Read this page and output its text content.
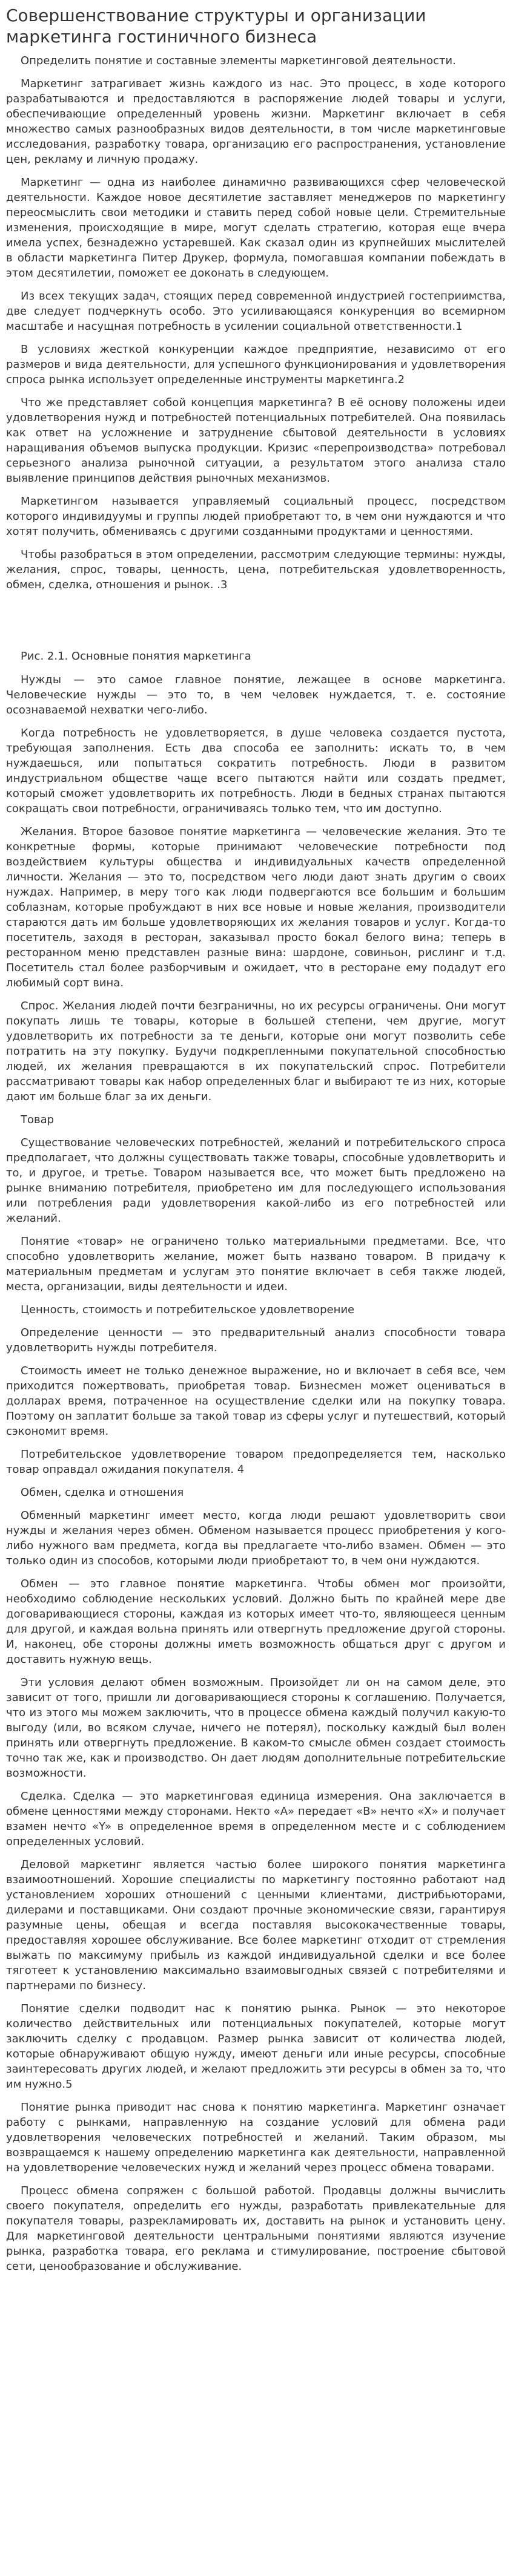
Совершенствование структуры и организации маркетинга гостиничного бизнеса

Определить понятие и составные элементы маркетинговой деятельности.

Маркетинг затрагивает жизнь каждого из нас. Это процесс, в ходе которого разрабатываются и предоставляются в распоряжение людей товары и услуги, обеспечивающие определенный уровень жизни. Маркетинг включает в себя множество самых разнообразных видов деятельности, в том числе маркетинговые исследования, разработку товара, организацию его распространения, установление цен, рекламу и личную продажу.

Маркетинг — одна из наиболее динамично развивающихся сфер человеческой деятельности. Каждое новое десятилетие заставляет менеджеров по маркетингу переосмыслить свои методики и ставить перед собой новые цели. Стремительные изменения, происходящие в мире, могут сделать стратегию, которая еще вчера имела успех, безнадежно устаревшей. Как сказал один из крупнейших мыслителей в области маркетинга Питер Друкер, формула, помогавшая компании побеждать в этом десятилетии, поможет ее доконать в следующем.

Из всех текущих задач, стоящих перед современной индустрией гостеприимства, две следует подчеркнуть особо. Это усиливающаяся конкуренция во всемирном масштабе и насущная потребность в усилении социальной ответственности.1

В условиях жесткой конкуренции каждое предприятие, независимо от его размеров и вида деятельности, для успешного функционирования и удовлетворения спроса рынка использует определенные инструменты маркетинга.2

Что же представляет собой концепция маркетинга? В её основу положены идеи удовлетворения нужд и потребностей потенциальных потребителей. Она появилась как ответ на усложнение и затруднение сбытовой деятельности в условиях наращивания объемов выпуска продукции. Кризис «перепроизводства» потребовал серьезного анализа рыночной ситуации, а результатом этого анализа стало выявление принципов действия рыночных механизмов.

Маркетингом называется управляемый социальный процесс, посредством которого индивидуумы и группы людей приобретают то, в чем они нуждаются и что хотят получить, обмениваясь с другими созданными продуктами и ценностями.

Чтобы разобраться в этом определении, рассмотрим следующие термины: нужды, желания, спрос, товары, ценность, цена, потребительская удовлетворенность, обмен, сделка, отношения и рынок. .3

Рис. 2.1. Основные понятия маркетинга

Нужды — это самое главное понятие, лежащее в основе маркетинга. Человеческие нужды — это то, в чем человек нуждается, т. е. состояние осознаваемой нехватки чего-либо.

Когда потребность не удовлетворяется, в душе человека создается пустота, требующая заполнения. Есть два способа ее заполнить: искать то, в чем нуждаешься, или попытаться сократить потребность. Люди в развитом индустриальном обществе чаще всего пытаются найти или создать предмет, который сможет удовлетворить их потребность. Люди в бедных странах пытаются сокращать свои потребности, ограничиваясь только тем, что им доступно.

Желания. Второе базовое понятие маркетинга — человеческие желания. Это те конкретные формы, которые принимают человеческие потребности под воздействием культуры общества и индивидуальных качеств определенной личности. Желания — это то, посредством чего люди дают знать другим о своих нуждах. Например, в меру того как люди подвергаются все большим и большим соблазнам, которые пробуждают в них все новые и новые желания, производители стараются дать им больше удовлетворяющих их желания товаров и услуг. Когда-то посетитель, заходя в ресторан, заказывал просто бокал белого вина; теперь в ресторанном меню представлен разные вина: шардоне, совиньон, рислинг и т.д. Посетитель стал более разборчивым и ожидает, что в ресторане ему подадут его любимый сорт вина.

Спрос. Желания людей почти безграничны, но их ресурсы ограничены. Они могут покупать лишь те товары, которые в большей степени, чем другие, могут удовлетворить их потребности за те деньги, которые они могут позволить себе потратить на эту покупку. Будучи подкрепленными покупательной способностью людей, их желания превращаются в их покупательский спрос. Потребители рассматривают товары как набор определенных благ и выбирают те из них, которые дают им больше благ за их деньги.

Товар

Существование человеческих потребностей, желаний и потребительского спроса предполагает, что должны существовать также товары, способные удовлетворить и то, и другое, и третье. Товаром называется все, что может быть предложено на рынке вниманию потребителя, приобретено им для последующего использования или потребления ради удовлетворения какой-либо из его потребностей или желаний.

Понятие «товар» не ограничено только материальными предметами. Все, что способно удовлетворить желание, может быть названо товаром. В придачу к материальным предметам и услугам это понятие включает в себя также людей, места, организации, виды деятельности и идеи.

Ценность, стоимость и потребительское удовлетворение

Определение ценности — это предварительный анализ способности товара удовлетворить нужды потребителя.

Стоимость имеет не только денежное выражение, но и включает в себя все, чем приходится пожертвовать, приобретая товар. Бизнесмен может оцениваться в долларах время, потраченное на осуществление сделки или на покупку товара. Поэтому он заплатит больше за такой товар из сферы услуг и путешествий, который сэкономит время.

Потребительское удовлетворение товаром предопределяется тем, насколько товар оправдал ожидания покупателя. 4

Обмен, сделка и отношения

Обменный маркетинг имеет место, когда люди решают удовлетворить свои нужды и желания через обмен. Обменом называется процесс приобретения у кого-либо нужного вам предмета, когда вы предлагаете что-либо взамен. Обмен — это только один из способов, которыми люди приобретают то, в чем они нуждаются.

Обмен — это главное понятие маркетинга. Чтобы обмен мог произойти, необходимо соблюдение нескольких условий. Должно быть по крайней мере две договаривающиеся стороны, каждая из которых имеет что-то, являющееся ценным для другой, и каждая вольна принять или отвергнуть предложение другой стороны. И, наконец, обе стороны должны иметь возможность общаться друг с другом и доставить нужную вещь.

Эти условия делают обмен возможным. Произойдет ли он на самом деле, это зависит от того, пришли ли договаривающиеся стороны к соглашению. Получается, что из этого мы можем заключить, что в процессе обмена каждый получил какую-то выгоду (или, во всяком случае, ничего не потерял), поскольку каждый был волен принять или отвергнуть предложение. В каком-то смысле обмен создает стоимость точно так же, как и производство. Он дает людям дополнительные потребительские возможности.

Сделка. Сделка — это маркетинговая единица измерения. Она заключается в обмене ценностями между сторонами. Некто «А» передает «В» нечто «Х» и получает взамен нечто «Y» в определенное время в определенном месте и с соблюдением определенных условий.

Деловой маркетинг является частью более широкого понятия маркетинга взаимоотношений. Хорошие специалисты по маркетингу постоянно работают над установлением хороших отношений с ценными клиентами, дистрибьюторами, дилерами и поставщиками. Они создают прочные экономические связи, гарантируя разумные цены, обещая и всегда поставляя высококачественные товары, предоставляя хорошее обслуживание. Все более маркетинг отходит от стремления выжать по максимуму прибыль из каждой индивидуальной сделки и все более тяготеет к установлению максимально взаимовыгодных связей с потребителями и партнерами по бизнесу.

Понятие сделки подводит нас к понятию рынка. Рынок — это некоторое количество действительных или потенциальных покупателей, которые могут заключить сделку с продавцом. Размер рынка зависит от количества людей, которые обнаруживают общую нужду, имеют деньги или иные ресурсы, способные заинтересовать других людей, и желают предложить эти ресурсы в обмен за то, что им нужно.5

Понятие рынка приводит нас снова к понятию маркетинга. Маркетинг означает работу с рынками, направленную на создание условий для обмена ради удовлетворения человеческих потребностей и желаний. Таким образом, мы возвращаемся к нашему определению маркетинга как деятельности, направленной на удовлетворение человеческих нужд и желаний через процесс обмена товарами.

Процесс обмена сопряжен с большой работой. Продавцы должны вычислить своего покупателя, определить его нужды, разработать привлекательные для покупателя товары, разрекламировать их, доставить на рынок и установить цену. Для маркетинговой деятельности центральными понятиями являются изучение рынка, разработка товара, его реклама и стимулирование, построение сбытовой сети, ценообразование и обслуживание.
